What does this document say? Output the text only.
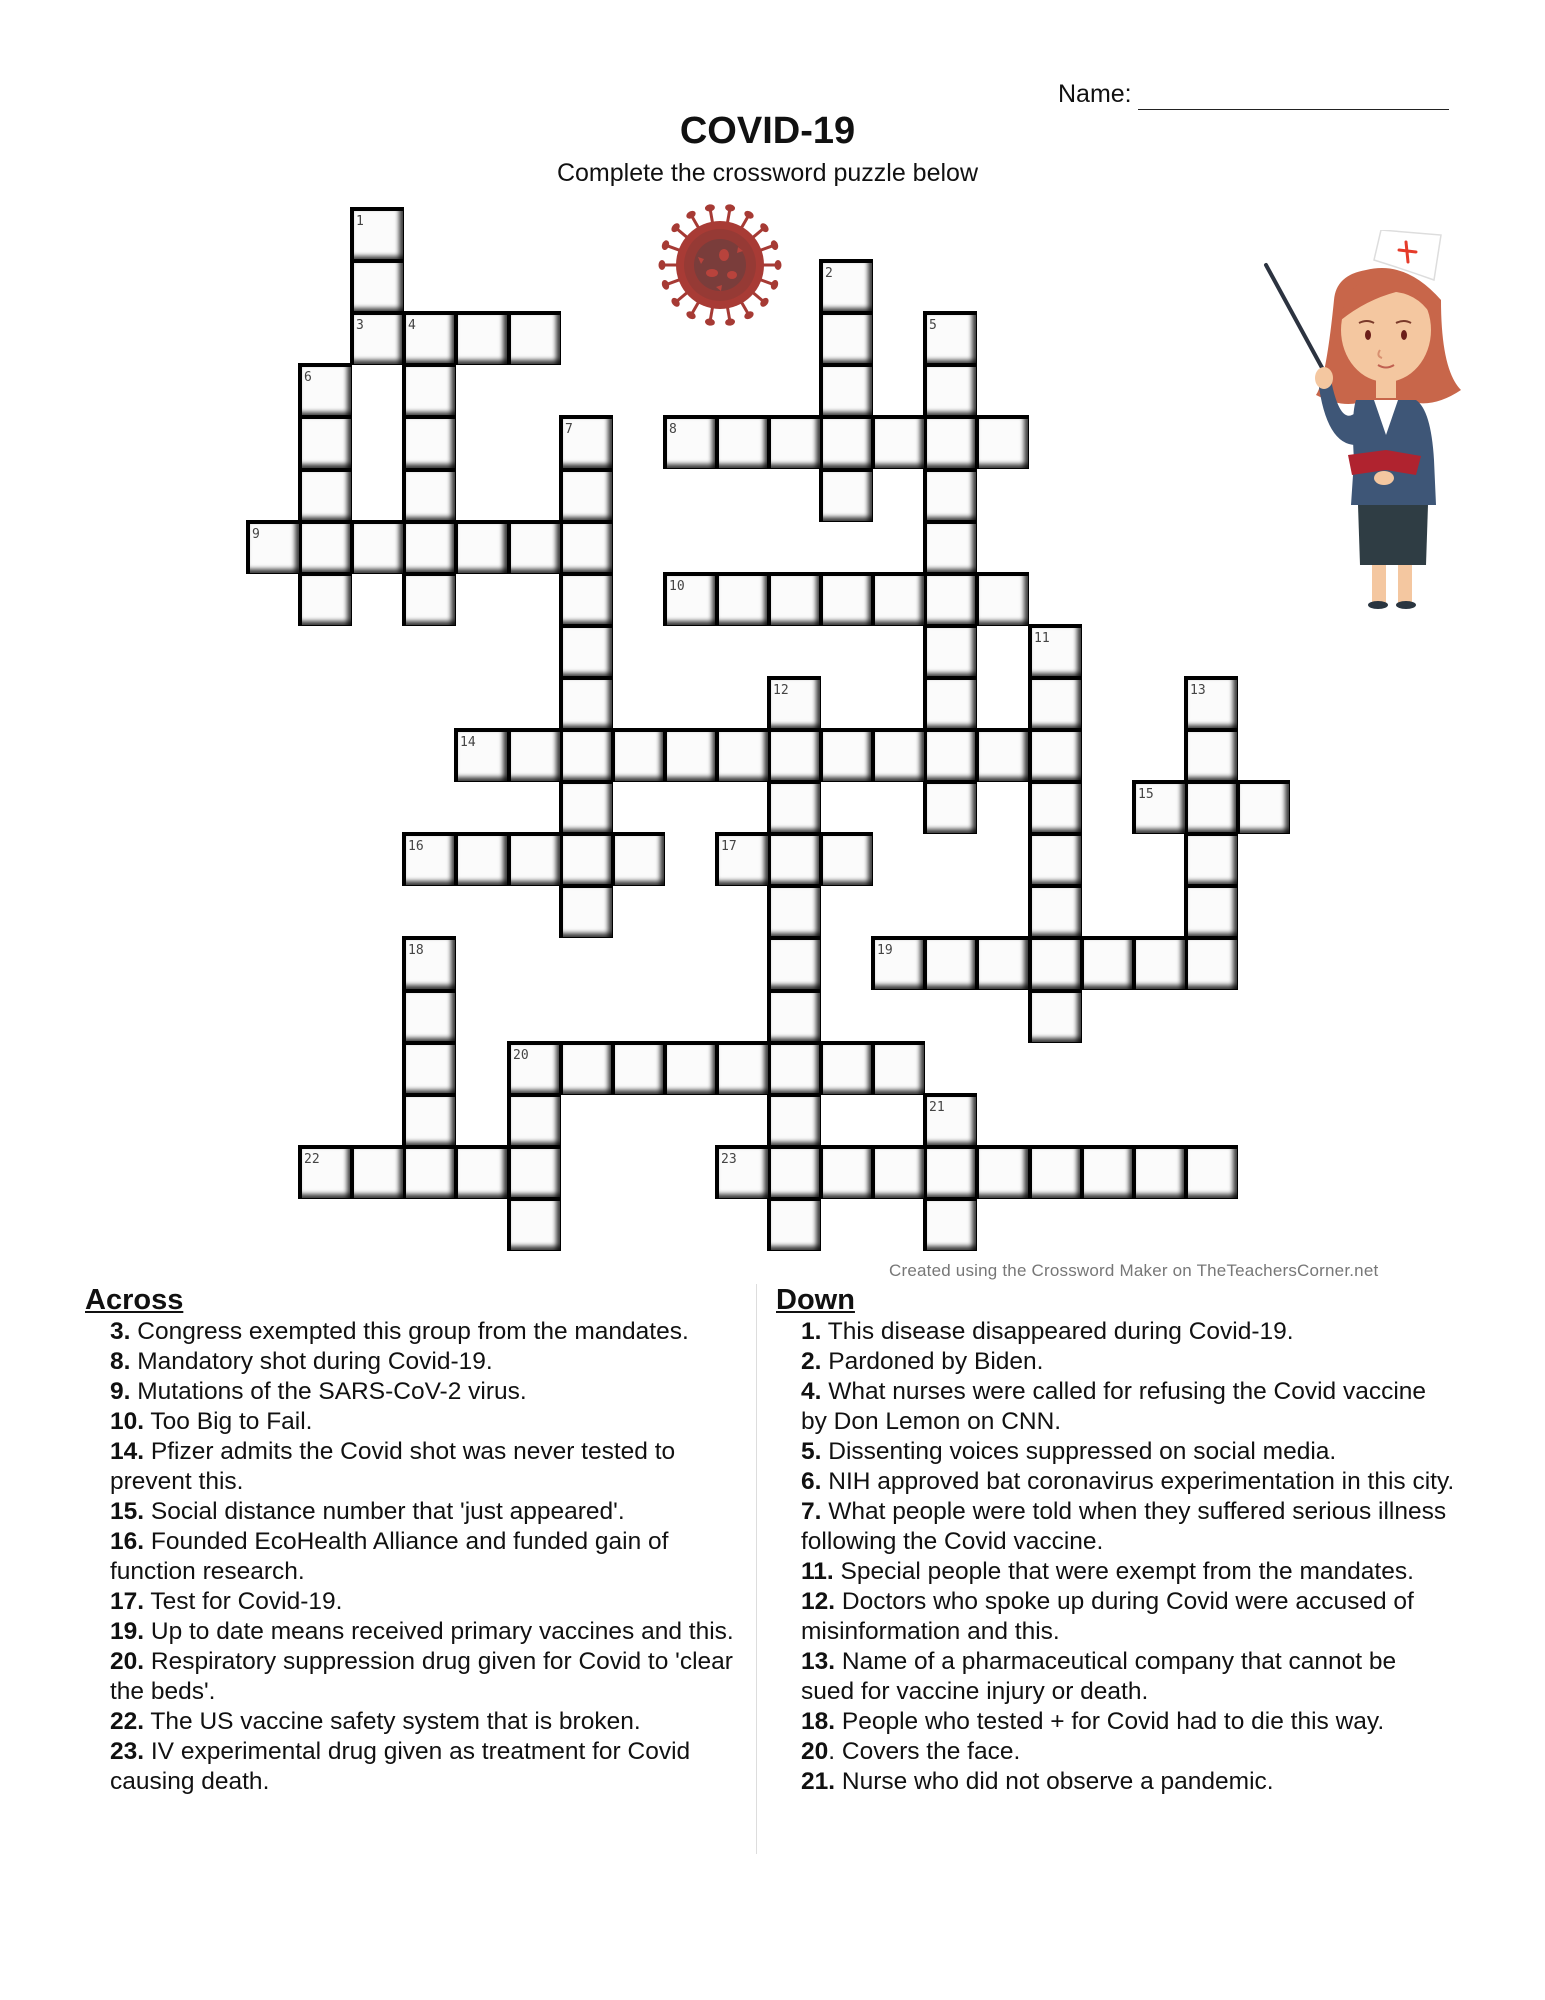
Name:
COVID-19
Complete the crossword puzzle below
1
3
2
4	5
6
7	8
9
10
11
12	13
14
15
16	17
18	19
20
21
22	23
Created using the Crossword Maker on TheTeachersCorner.net
Across
3. Congress exempted this group from the mandates.
8. Mandatory shot during Covid-19.
9. Mutations of the SARS-CoV-2 virus.
10. Too Big to Fail.
14. Pfizer admits the Covid shot was never tested to prevent this.
15. Social distance number that 'just appeared'.
16. Founded EcoHealth Alliance and funded gain of function research.
17. Test for Covid-19.
19. Up to date means received primary vaccines and this.
20. Respiratory suppression drug given for Covid to 'clear the beds'.
22. The US vaccine safety system that is broken.
23. IV experimental drug given as treatment for Covid causing death.
Down
1. This disease disappeared during Covid-19.
2. Pardoned by Biden.
4. What nurses were called for refusing the Covid vaccine by Don Lemon on CNN.
5. Dissenting voices suppressed on social media.
6. NIH approved bat coronavirus experimentation in this city.
7. What people were told when they suffered serious illness following the Covid vaccine.
11. Special people that were exempt from the mandates.
12. Doctors who spoke up during Covid were accused of misinformation and this.
13. Name of a pharmaceutical company that cannot be sued for vaccine injury or death.
18. People who tested + for Covid had to die this way.
20. Covers the face.
21. Nurse who did not observe a pandemic.
